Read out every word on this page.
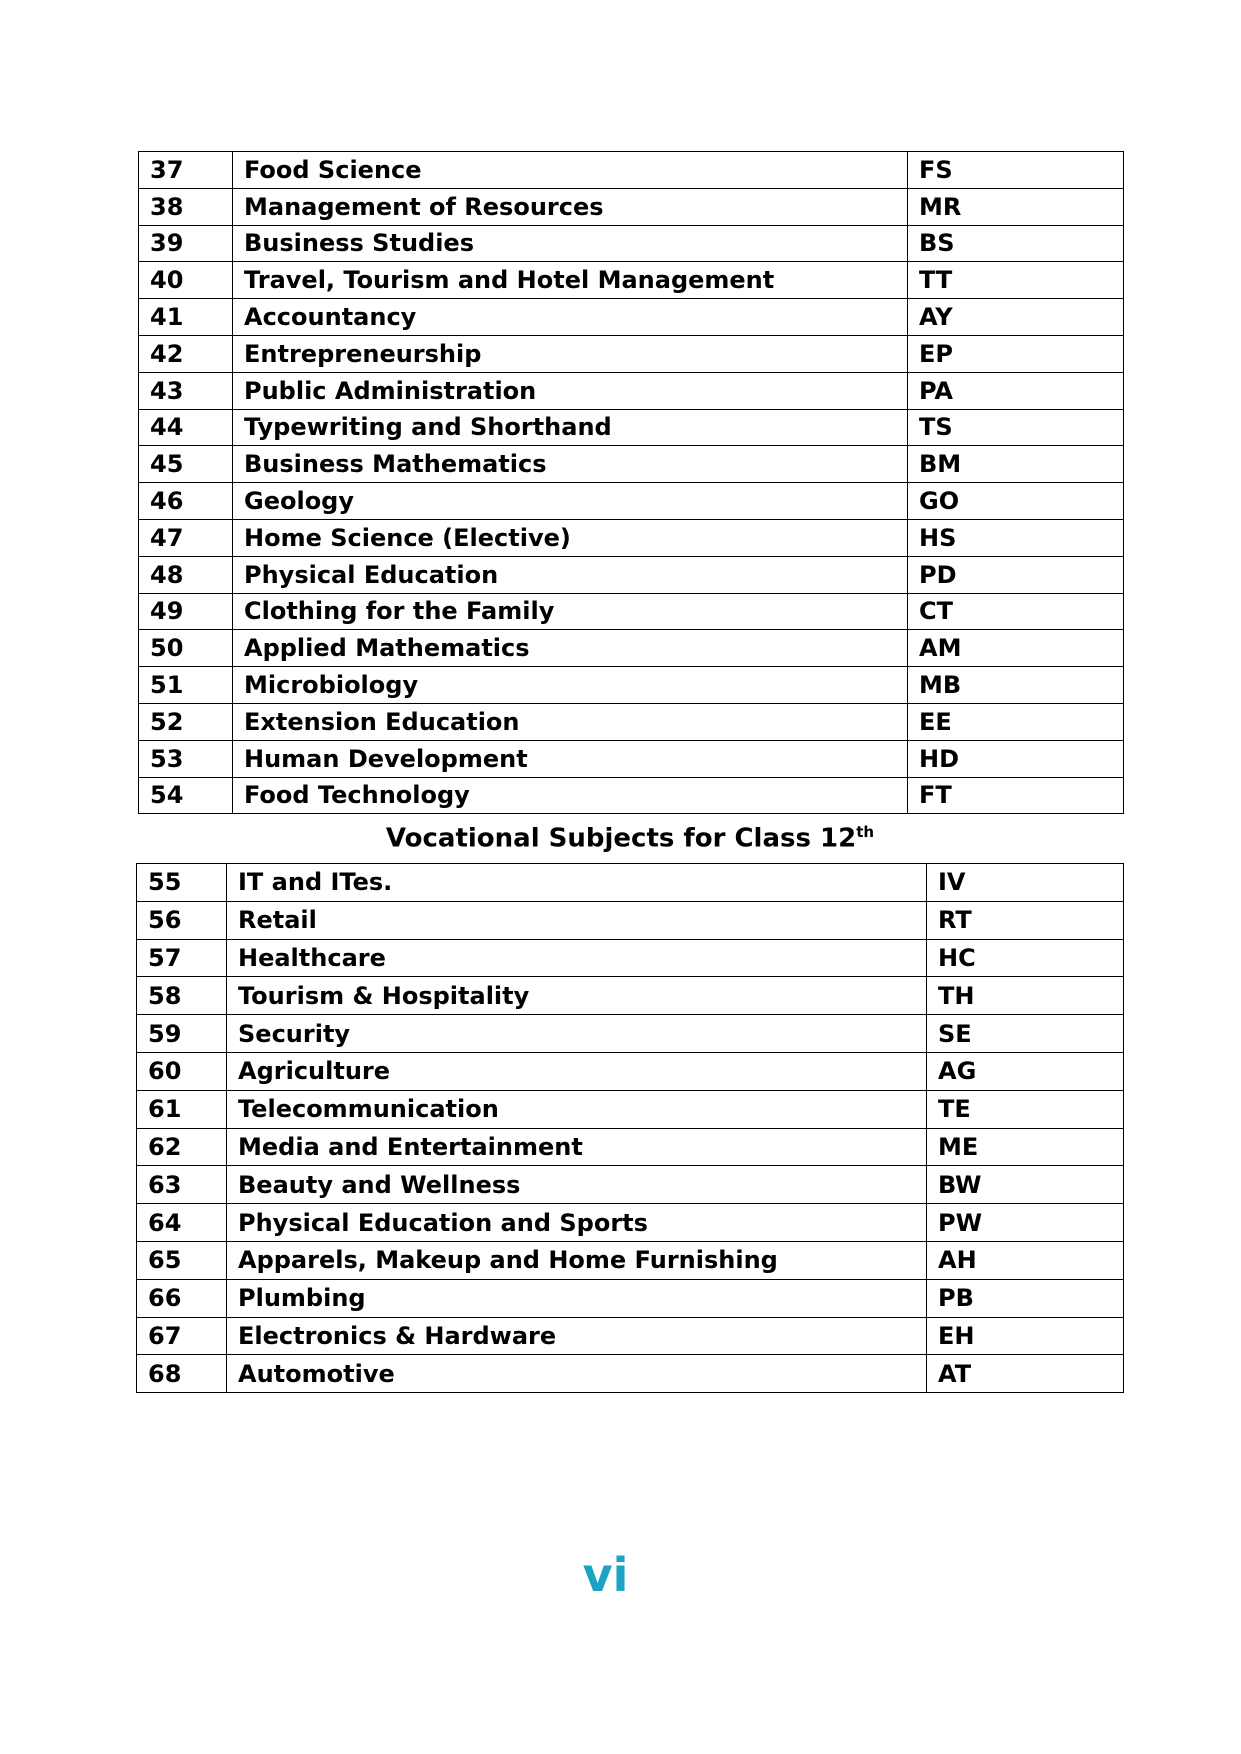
37	Food Science	FS
38	Management of Resources	MR
39	Business Studies	BS
40	Travel, Tourism and Hotel Management	TT
41	Accountancy	AY
42	Entrepreneurship	EP
43	Public Administration	PA
44	Typewriting and Shorthand	TS
45	Business Mathematics	BM
46	Geology	GO
47	Home Science (Elective)	HS
48	Physical Education	PD
49	Clothing for the Family	CT
50	Applied Mathematics	AM
51	Microbiology	MB
52	Extension Education	EE
53	Human Development	HD
54	Food Technology	FT
Vocational Subjects for Class 12th
55	IT and ITes.	IV
56	Retail	RT
57	Healthcare	HC
58	Tourism & Hospitality	TH
59	Security	SE
60	Agriculture	AG
61	Telecommunication	TE
62	Media and Entertainment	ME
63	Beauty and Wellness	BW
64	Physical Education and Sports	PW
65	Apparels, Makeup and Home Furnishing	AH
66	Plumbing	PB
67	Electronics & Hardware	EH
68	Automotive	AT
vi
